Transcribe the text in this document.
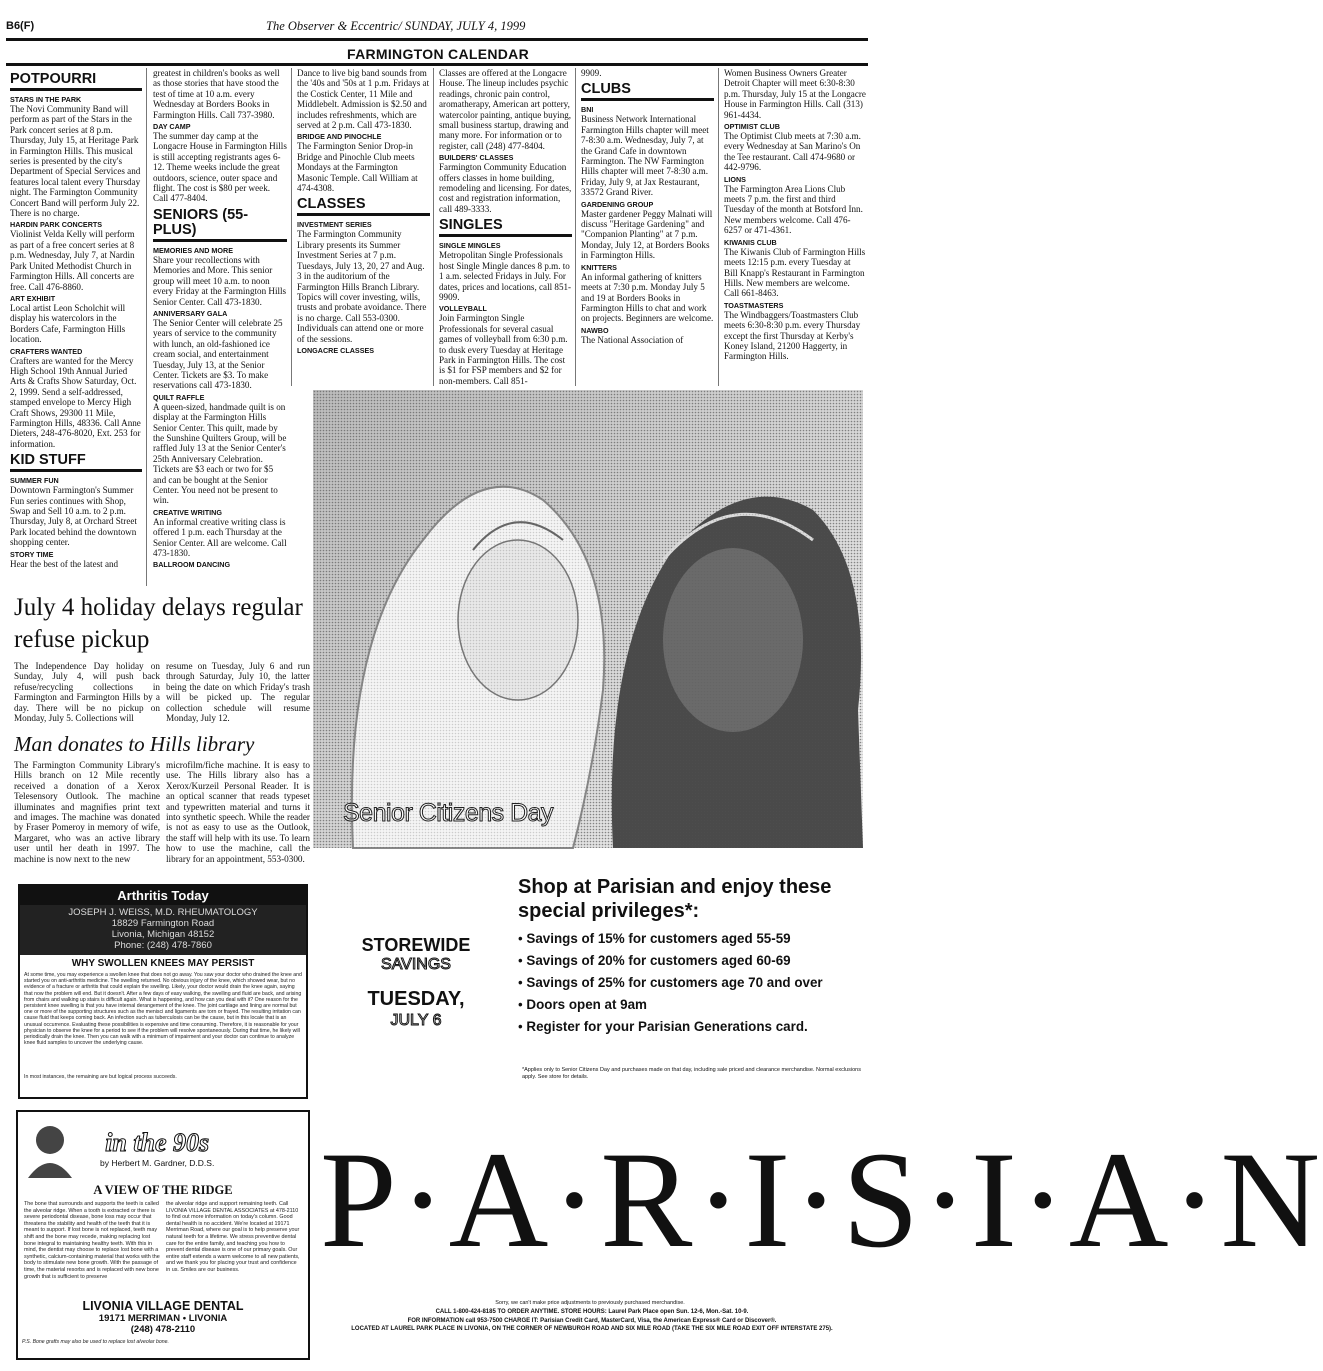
B6(F)	The Observer & Eccentric/ SUNDAY, JULY 4, 1999
FARMINGTON CALENDAR
POTPOURRI
STARS IN THE PARK
The Novi Community Band will perform as part of the Stars in the Park concert series at 8 p.m. Thursday, July 15, at Heritage Park in Farmington Hills. This musical series is presented by the city's Department of Special Services and features local talent every Thursday night. The Farmington Community Concert Band will perform July 22. There is no charge.
HARDIN PARK CONCERTS
Violinist Velda Kelly will perform as part of a free concert series at 8 p.m. Wednesday, July 7, at Nardin Park United Methodist Church in Farmington Hills. All concerts are free. Call 476-8860.
ART EXHIBIT
Local artist Leon Scholchit will display his watercolors in the Borders Cafe, Farmington Hills location.
CRAFTERS WANTED
Crafters are wanted for the Mercy High School 19th Annual Juried Arts & Crafts Show Saturday, Oct. 2, 1999. Send a self-addressed, stamped envelope to Mercy High Craft Shows, 29300 11 Mile, Farmington Hills, 48336. Call Anne Dieters, 248-476-8020, Ext. 253 for information.
KID STUFF
SUMMER FUN
Downtown Farmington's Summer Fun series continues with Shop, Swap and Sell 10 a.m. to 2 p.m. Thursday, July 8, at Orchard Street Park located behind the downtown shopping center.
STORY TIME
Hear the best of the latest and
greatest in children's books as well as those stories that have stood the test of time at 10 a.m. every Wednesday at Borders Books in Farmington Hills. Call 737-3980.
DAY CAMP
The summer day camp at the Longacre House in Farmington Hills is still accepting registrants ages 6-12. Theme weeks include the great outdoors, science, outer space and flight. The cost is $80 per week. Call 477-8404.
SENIORS (55-PLUS)
MEMORIES AND MORE
Share your recollections with Memories and More. This senior group will meet 10 a.m. to noon every Friday at the Farmington Hills Senior Center. Call 473-1830.
ANNIVERSARY GALA
The Senior Center will celebrate 25 years of service to the community with lunch, an old-fashioned ice cream social, and entertainment Tuesday, July 13, at the Senior Center. Tickets are $3. To make reservations call 473-1830.
QUILT RAFFLE
A queen-sized, handmade quilt is on display at the Farmington Hills Senior Center. This quilt, made by the Sunshine Quilters Group, will be raffled July 13 at the Senior Center's 25th Anniversary Celebration. Tickets are $3 each or two for $5 and can be bought at the Senior Center. You need not be present to win.
CREATIVE WRITING
An informal creative writing class is offered 1 p.m. each Thursday at the Senior Center. All are welcome. Call 473-1830.
BALLROOM DANCING
Dance to live big band sounds from the '40s and '50s at 1 p.m. Fridays at the Costick Center, 11 Mile and Middlebelt. Admission is $2.50 and includes refreshments, which are served at 2 p.m. Call 473-1830.
BRIDGE AND PINOCHLE
The Farmington Senior Drop-in Bridge and Pinochle Club meets Mondays at the Farmington Masonic Temple. Call William at 474-4308.
CLASSES
INVESTMENT SERIES
The Farmington Community Library presents its Summer Investment Series at 7 p.m. Tuesdays, July 13, 20, 27 and Aug. 3 in the auditorium of the Farmington Hills Branch Library. Topics will cover investing, wills, trusts and probate avoidance. There is no charge. Call 553-0300. Individuals can attend one or more of the sessions.
LONGACRE CLASSES
Classes are offered at the Longacre House. The lineup includes psychic readings, chronic pain control, aromatherapy, American art pottery, watercolor painting, antique buying, small business startup, drawing and many more. For information or to register, call (248) 477-8404.
BUILDERS' CLASSES
Farmington Community Education offers classes in home building, remodeling and licensing. For dates, cost and registration information, call 489-3333.
SINGLES
SINGLE MINGLES
Metropolitan Single Professionals host Single Mingle dances 8 p.m. to 1 a.m. selected Fridays in July. For dates, prices and locations, call 851-9909.
VOLLEYBALL
Join Farmington Single Professionals for several casual games of volleyball from 6:30 p.m. to dusk every Tuesday at Heritage Park in Farmington Hills. The cost is $1 for FSP members and $2 for non-members. Call 851-
9909.
CLUBS
BNI
Business Network International Farmington Hills chapter will meet 7-8:30 a.m. Wednesday, July 7, at the Grand Cafe in downtown Farmington. The NW Farmington Hills chapter will meet 7-8:30 a.m. Friday, July 9, at Jax Restaurant, 33572 Grand River.
GARDENING GROUP
Master gardener Peggy Malnati will discuss "Heritage Gardening" and "Companion Planting" at 7 p.m. Monday, July 12, at Borders Books in Farmington Hills.
KNITTERS
An informal gathering of knitters meets at 7:30 p.m. Monday July 5 and 19 at Borders Books in Farmington Hills to chat and work on projects. Beginners are welcome.
NAWBO
The National Association of
Women Business Owners Greater Detroit Chapter will meet 6:30-8:30 p.m. Thursday, July 15 at the Longacre House in Farmington Hills. Call (313) 961-4434.
OPTIMIST CLUB
The Optimist Club meets at 7:30 a.m. every Wednesday at San Marino's On the Tee restaurant. Call 474-9680 or 442-9796.
LIONS
The Farmington Area Lions Club meets 7 p.m. the first and third Tuesday of the month at Botsford Inn. New members welcome. Call 476-6257 or 471-4361.
KIWANIS CLUB
The Kiwanis Club of Farmington Hills meets 12:15 p.m. every Tuesday at Bill Knapp's Restaurant in Farmington Hills. New members are welcome. Call 661-8463.
TOASTMASTERS
The Windbaggers/Toastmasters Club meets 6:30-8:30 p.m. every Thursday except the first Thursday at Kerby's Koney Island, 21200 Haggerty, in Farmington Hills.
July 4 holiday delays regular refuse pickup
The Independence Day holiday on Sunday, July 4, will push back refuse/recycling collections in Farmington and Farmington Hills by a day. There will be no pickup on Monday, July 5. Collections will
resume on Tuesday, July 6 and run through Saturday, July 10, the latter being the date on which Friday's trash will be picked up. The regular collection schedule will resume Monday, July 12.
Man donates to Hills library
The Farmington Community Library's Hills branch on 12 Mile recently received a donation of a Xerox Telesensory Outlook. The machine illuminates and magnifies print text and images. The machine was donated by Fraser Pomeroy in memory of wife, Margaret, who was an active library user until her death in 1997. The machine is now next to the new
microfilm/fiche machine. It is easy to use. The Hills library also has a Xerox/Kurzeil Personal Reader. It is an optical scanner that reads typeset and typewritten material and turns it into synthetic speech. While the reader is not as easy to use as the Outlook, the staff will help with its use. To learn how to use the machine, call the library for an appointment, 553-0300.
Arthritis Today
JOSEPH J. WEISS, M.D. RHEUMATOLOGY
18829 Farmington Road
Livonia, Michigan 48152
Phone: (248) 478-7860
WHY SWOLLEN KNEES MAY PERSIST
At some time, you may experience a swollen knee that does not go away. You saw your doctor who drained the knee and started you on anti-arthritis medicine. The swelling returned. No obvious injury of the knee, which showed wear, but no evidence of a fracture or arthritis that could explain the swelling. Likely, your doctor would drain the knee again, saying that now the problem will end. But it doesn't. After a few days of easy walking, the swelling and fluid are back, and arising from chairs and walking up stairs is difficult again. What is happening, and how can you deal with it? One reason for the persistent knee swelling is that you have internal derangement of the knee. The joint cartilage and lining are normal but one or more of the supporting structures such as the menisci and ligaments are torn or frayed. The resulting irritation can cause fluid that keeps coming back. An infection such as tuberculosis can be the cause, but in this locale that is an unusual occurrence. Evaluating these possibilities is expensive and time consuming. Therefore, it is reasonable for your physician to observe the knee for a period to see if the problem will resolve spontaneously. During that time, he likely will periodically drain the knee. Then you can walk with a minimum of impairment and your doctor can continue to analyze knee fluid samples to uncover the underlying cause.
In most instances, the remaining are but logical process succeeds.
in the 90s
by Herbert M. Gardner, D.D.S.
A VIEW OF THE RIDGE
The bone that surrounds and supports the teeth is called the alveolar ridge. When a tooth is extracted or there is severe periodontal disease, bone loss may occur that threatens the stability and health of the teeth that it is meant to support. If lost bone is not replaced, teeth may shift and the bone may recede, making replacing lost bone integral to maintaining healthy teeth. With this in mind, the dentist may choose to replace lost bone with a synthetic, calcium-containing material that works with the body to stimulate new bone growth. With the passage of time, the material resorbs and is replaced with new bone growth that is sufficient to preserve
the alveolar ridge and support remaining teeth. Call LIVONIA VILLAGE DENTAL ASSOCIATES at 478-2110 to find out more information on today's column. Good dental health is no accident. We're located at 19171 Merriman Road, where our goal is to help preserve your natural teeth for a lifetime. We stress preventive dental care for the entire family, and teaching you how to prevent dental disease is one of our primary goals. Our entire staff extends a warm welcome to all new patients, and we thank you for placing your trust and confidence in us. Smiles are our business.
LIVONIA VILLAGE DENTAL
19171 MERRIMAN • LIVONIA
(248) 478-2110
P.S. Bone grafts may also be used to replace lost alveolar bone.
Senior Citizens Day
STOREWIDE
SAVINGS
TUESDAY,
JULY 6
Shop at Parisian and enjoy these special privileges*:
• Savings of 15% for customers aged 55-59
• Savings of 20% for customers aged 60-69
• Savings of 25% for customers age 70 and over
• Doors open at 9am
• Register for your Parisian Generations card.
*Applies only to Senior Citizens Day and purchases made on that day, including sale priced and clearance merchandise. Normal exclusions apply. See store for details.
P·A·R·I·S·I·A·N
Sorry, we can't make price adjustments to previously purchased merchandise.
CALL 1-800-424-8185 TO ORDER ANYTIME. STORE HOURS: Laurel Park Place open Sun. 12-6, Mon.-Sat. 10-9.
FOR INFORMATION call 953-7500 CHARGE IT: Parisian Credit Card, MasterCard, Visa, the American Express® Card or Discover®.
LOCATED AT LAUREL PARK PLACE IN LIVONIA, ON THE CORNER OF NEWBURGH ROAD AND SIX MILE ROAD (TAKE THE SIX MILE ROAD EXIT OFF INTERSTATE 275).
